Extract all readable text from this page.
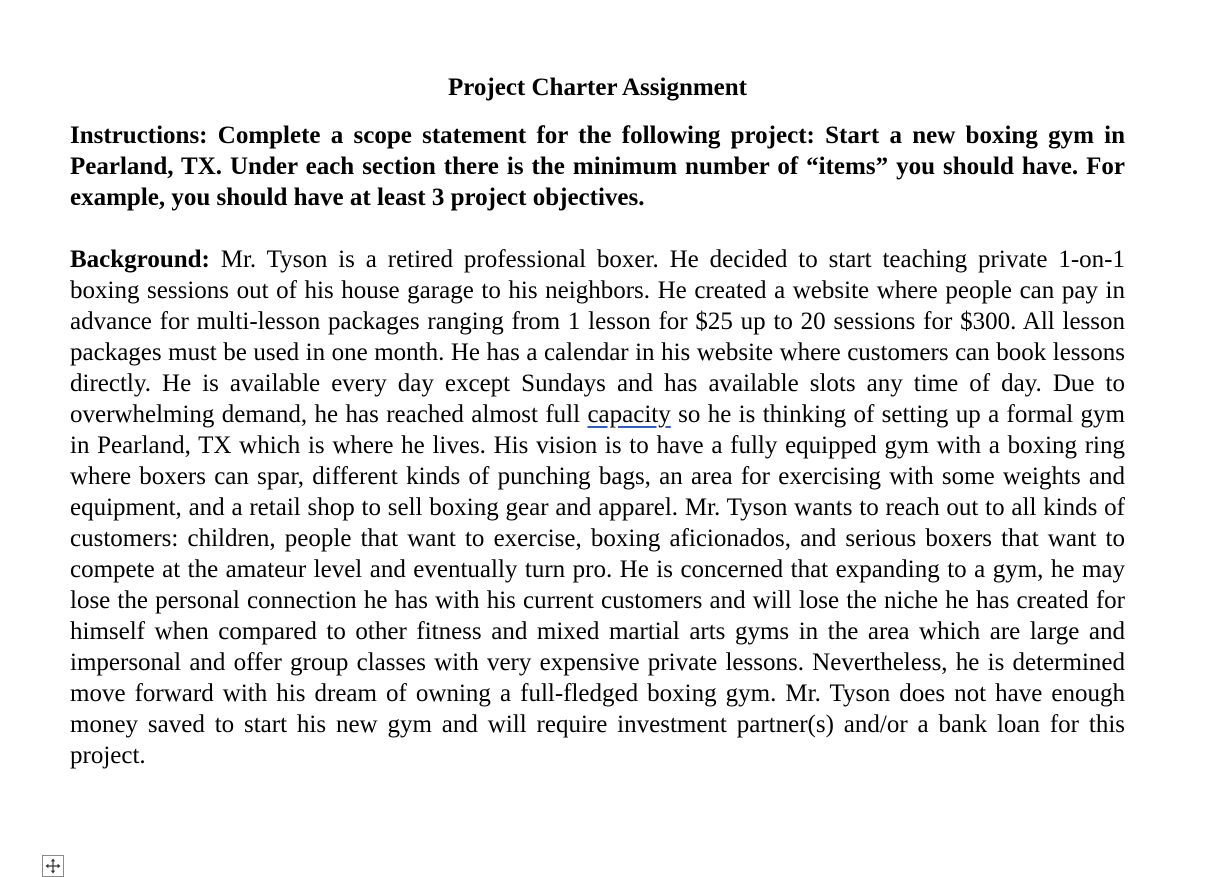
Project Charter Assignment

Instructions: Complete a scope statement for the following project: Start a new boxing gym in Pearland, TX. Under each section there is the minimum number of “items” you should have. For example, you should have at least 3 project objectives.

Background: Mr. Tyson is a retired professional boxer. He decided to start teaching private 1-on-1 boxing sessions out of his house garage to his neighbors. He created a website where people can pay in advance for multi-lesson packages ranging from 1 lesson for $25 up to 20 sessions for $300. All lesson packages must be used in one month. He has a calendar in his website where customers can book lessons directly. He is available every day except Sundays and has available slots any time of day. Due to overwhelming demand, he has reached almost full capacity so he is thinking of setting up a formal gym in Pearland, TX which is where he lives. His vision is to have a fully equipped gym with a boxing ring where boxers can spar, different kinds of punching bags, an area for exercising with some weights and equipment, and a retail shop to sell boxing gear and apparel. Mr. Tyson wants to reach out to all kinds of customers: children, people that want to exercise, boxing aficionados, and serious boxers that want to compete at the amateur level and eventually turn pro. He is concerned that expanding to a gym, he may lose the personal connection he has with his current customers and will lose the niche he has created for himself when compared to other fitness and mixed martial arts gyms in the area which are large and impersonal and offer group classes with very expensive private lessons. Nevertheless, he is determined move forward with his dream of owning a full-fledged boxing gym. Mr. Tyson does not have enough money saved to start his new gym and will require investment partner(s) and/or a bank loan for this project.
